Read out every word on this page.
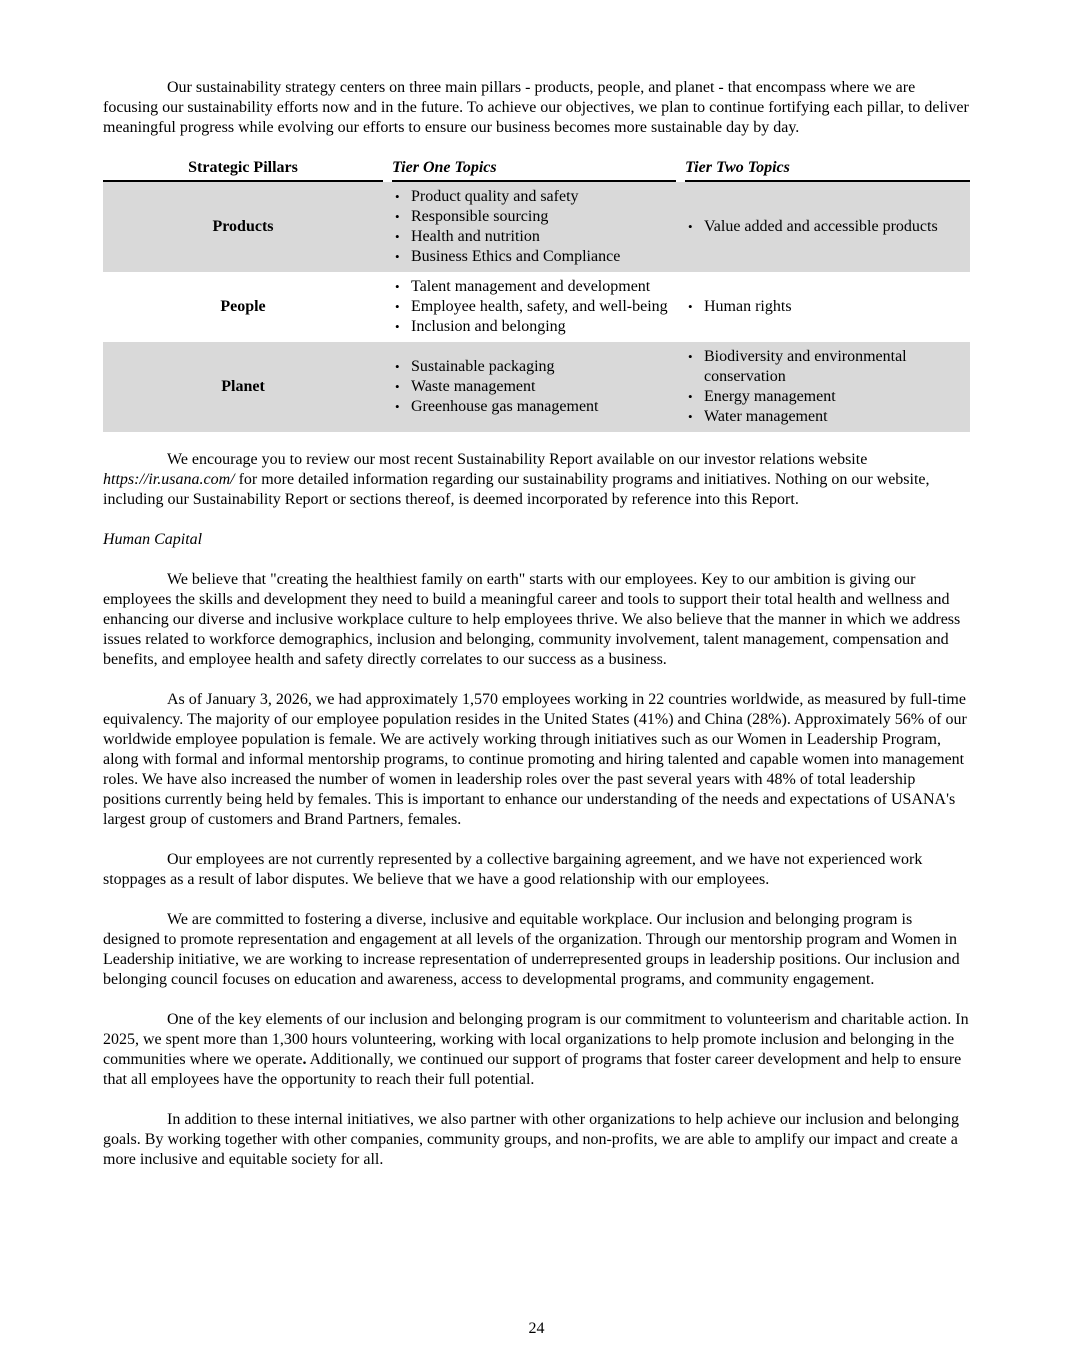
Our sustainability strategy centers on three main pillars - products, people, and planet - that encompass where we are focusing our sustainability efforts now and in the future. To achieve our objectives, we plan to continue fortifying each pillar, to deliver meaningful progress while evolving our efforts to ensure our business becomes more sustainable day by day.

Strategic Pillars	Tier One Topics	Tier Two Topics
Products
• Product quality and safety
• Responsible sourcing
• Health and nutrition
• Business Ethics and Compliance
• Value added and accessible products
People
• Talent management and development
• Employee health, safety, and well-being
• Inclusion and belonging
• Human rights
Planet
• Sustainable packaging
• Waste management
• Greenhouse gas management
• Biodiversity and environmental conservation
• Energy management
• Water management

We encourage you to review our most recent Sustainability Report available on our investor relations website https://ir.usana.com/ for more detailed information regarding our sustainability programs and initiatives. Nothing on our website, including our Sustainability Report or sections thereof, is deemed incorporated by reference into this Report.

Human Capital

We believe that "creating the healthiest family on earth" starts with our employees. Key to our ambition is giving our employees the skills and development they need to build a meaningful career and tools to support their total health and wellness and enhancing our diverse and inclusive workplace culture to help employees thrive. We also believe that the manner in which we address issues related to workforce demographics, inclusion and belonging, community involvement, talent management, compensation and benefits, and employee health and safety directly correlates to our success as a business.

As of January 3, 2026, we had approximately 1,570 employees working in 22 countries worldwide, as measured by full-time equivalency. The majority of our employee population resides in the United States (41%) and China (28%). Approximately 56% of our worldwide employee population is female. We are actively working through initiatives such as our Women in Leadership Program, along with formal and informal mentorship programs, to continue promoting and hiring talented and capable women into management roles. We have also increased the number of women in leadership roles over the past several years with 48% of total leadership positions currently being held by females. This is important to enhance our understanding of the needs and expectations of USANA's largest group of customers and Brand Partners, females.

Our employees are not currently represented by a collective bargaining agreement, and we have not experienced work stoppages as a result of labor disputes. We believe that we have a good relationship with our employees.

We are committed to fostering a diverse, inclusive and equitable workplace. Our inclusion and belonging program is designed to promote representation and engagement at all levels of the organization. Through our mentorship program and Women in Leadership initiative, we are working to increase representation of underrepresented groups in leadership positions. Our inclusion and belonging council focuses on education and awareness, access to developmental programs, and community engagement.

One of the key elements of our inclusion and belonging program is our commitment to volunteerism and charitable action. In 2025, we spent more than 1,300 hours volunteering, working with local organizations to help promote inclusion and belonging in the communities where we operate. Additionally, we continued our support of programs that foster career development and help to ensure that all employees have the opportunity to reach their full potential.

In addition to these internal initiatives, we also partner with other organizations to help achieve our inclusion and belonging goals. By working together with other companies, community groups, and non-profits, we are able to amplify our impact and create a more inclusive and equitable society for all.

24
